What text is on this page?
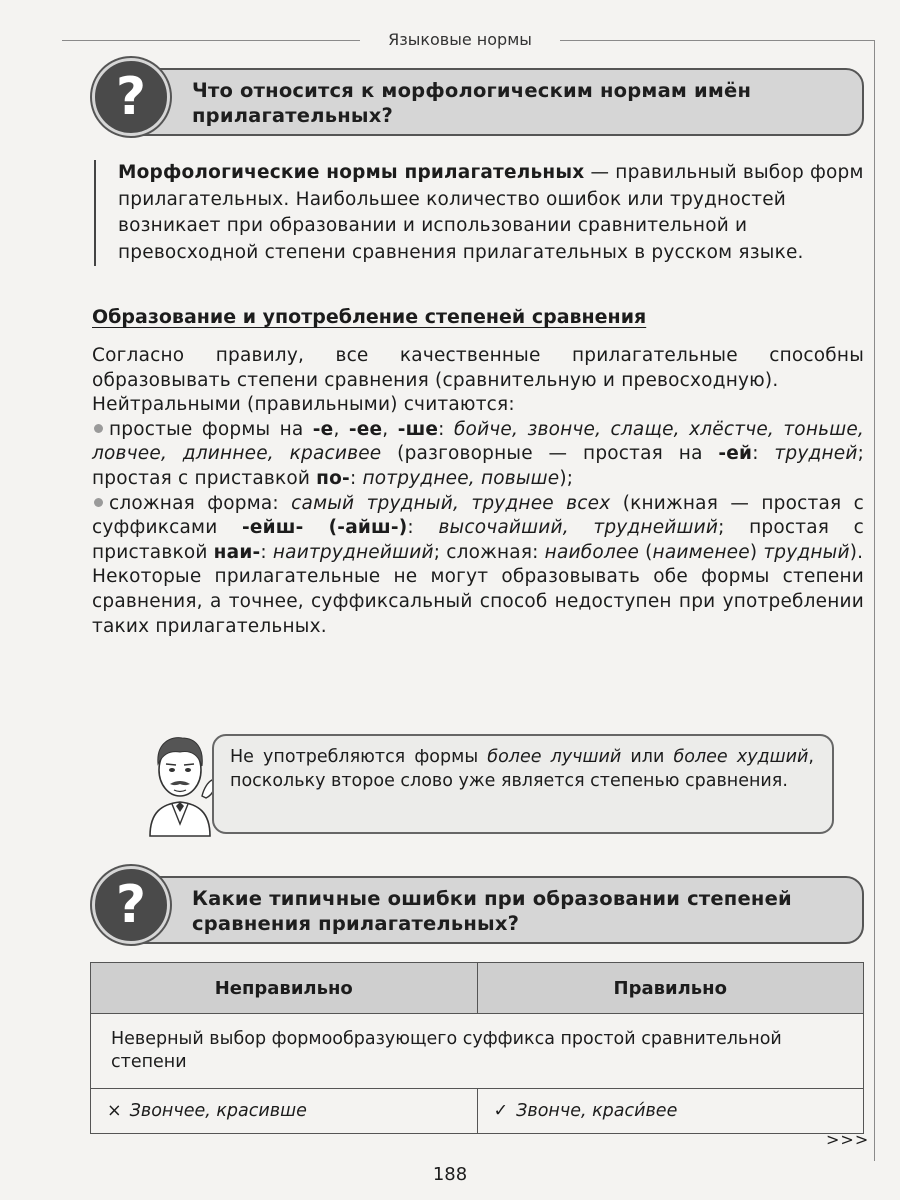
Языковые нормы
Что относится к морфологическим нормам имён прилагательных?
?
Морфологические нормы прилагательных — правильный выбор форм прилагательных. Наибольшее количество ошибок или трудностей возникает при образовании и использовании сравнительной и превосходной степени сравнения прилагательных в русском языке.
Образование и употребление степеней сравнения

Согласно правилу, все качественные прилагательные способны образовывать степени сравнения (сравнительную и превосходную).

Нейтральными (правильными) считаются:

простые формы на -е, -ее, -ше: бойче, звонче, слаще, хлёстче, тоньше, ловчее, длиннее, красивее (разговорные — простая на -ей: трудней; простая с приставкой по-: потруднее, повыше);

сложная форма: самый трудный, труднее всех (книжная — простая с суффиксами -ейш- (-айш-): высочайший, труднейший; простая с приставкой наи-: наитруднейший; сложная: наиболее (наименее) трудный).

Некоторые прилагательные не могут образовывать обе формы степени сравнения, а точнее, суффиксальный способ недоступен при употреблении таких прилагательных.

Не употребляются формы более лучший или более худший, поскольку второе слово уже является степенью сравнения.
Какие типичные ошибки при образовании степеней сравнения прилагательных?
?
Неправильно	Правильно
Неверный выбор формообразующего суффикса простой сравнительной степени	
× Звончее, красивше	✓ Звонче, краси́вее
>>>
188
